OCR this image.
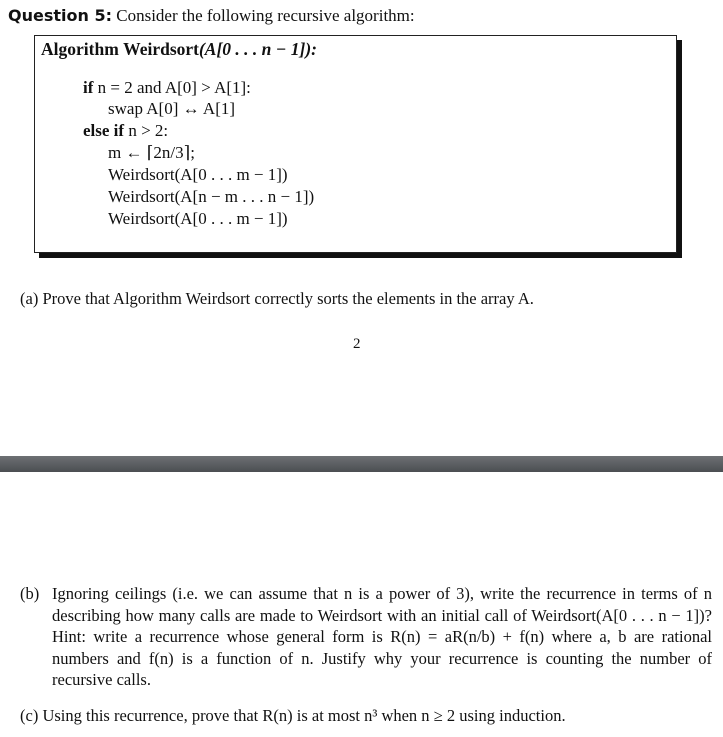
Question 5: Consider the following recursive algorithm:
Algorithm Weirdsort(A[0 . . . n − 1]):
if n = 2 and A[0] > A[1]:
swap A[0] ↔ A[1]
else if n > 2:
m ← ⌈2n/3⌉;
Weirdsort(A[0 . . . m − 1])
Weirdsort(A[n − m . . . n − 1])
Weirdsort(A[0 . . . m − 1])
(a) Prove that Algorithm Weirdsort correctly sorts the elements in the array A.
2
(b) Ignoring ceilings (i.e. we can assume that n is a power of 3), write the recurrence in terms of n describing how many calls are made to Weirdsort with an initial call of Weirdsort(A[0 . . . n − 1])? Hint: write a recurrence whose general form is R(n) = aR(n/b) + f(n) where a, b are rational numbers and f(n) is a function of n. Justify why your recurrence is counting the number of recursive calls.
(c) Using this recurrence, prove that R(n) is at most n³ when n ≥ 2 using induction.
